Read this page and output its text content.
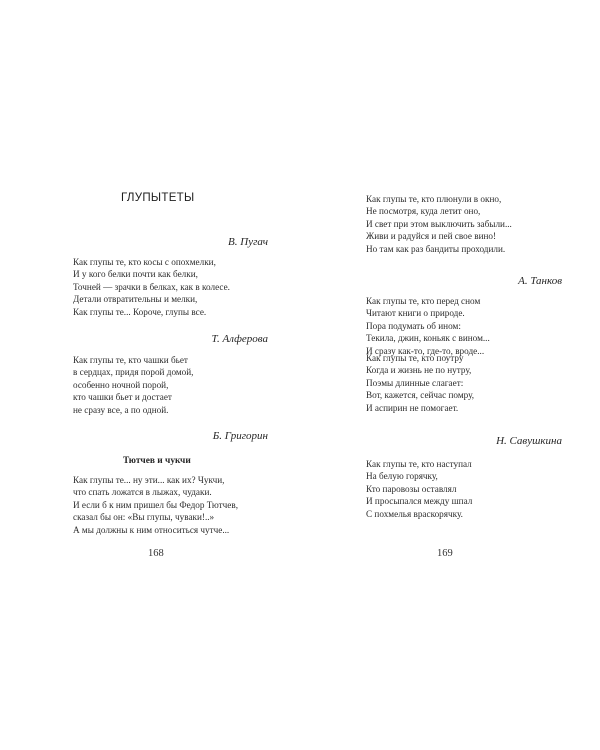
ГЛУПЫТЕТЫ
В. Пугач
Как глупы те, кто косы с опохмелки,
И у кого белки почти как белки,
Точней — зрачки в белках, как в колесе.
Детали отвратительны и мелки,
Как глупы те... Короче, глупы все.
Т. Алферова
Как глупы те, кто чашки бьет
в сердцах, придя порой домой,
особенно ночной порой,
кто чашки бьет и достает
не сразу все, а по одной.
Б. Григорин
Тютчев и чукчи
Как глупы те... ну эти... как их? Чукчи,
что спать ложатся в лыжах, чудаки.
И если б к ним пришел бы Федор Тютчев,
сказал бы он: «Вы глупы, чуваки!..»
А мы должны к ним относиться чутче...
168
Как глупы те, кто плюнули в окно,
Не посмотря, куда летит оно,
И свет при этом выключить забыли...
Живи и радуйся и пей свое вино!
Но там как раз бандиты проходили.
А. Танков
Как глупы те, кто перед сном
Читают книги о природе.
Пора подумать об ином:
Текила, джин, коньяк с вином...
И сразу как-то, где-то, вроде...
Как глупы те, кто поутру
Когда и жизнь не по нутру,
Поэмы длинные слагает:
Вот, кажется, сейчас помру,
И аспирин не помогает.
Н. Савушкина
Как глупы те, кто наступал
На белую горячку,
Кто паровозы оставлял
И просыпался между шпал
С похмелья враскорячку.
169
